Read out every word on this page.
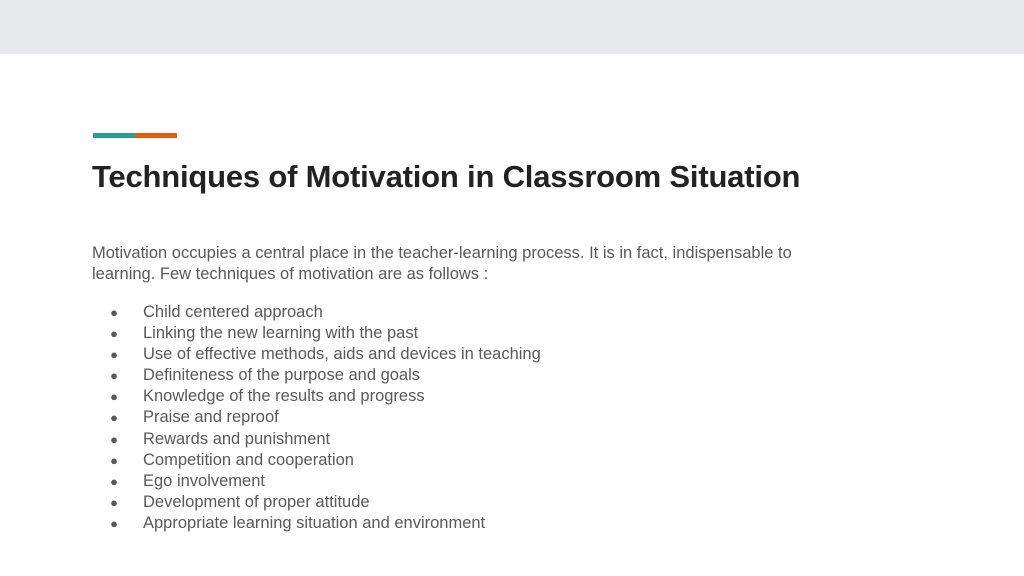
Techniques of Motivation in Classroom Situation

Motivation occupies a central place in the teacher-learning process. It is in fact, indispensable to
learning. Few techniques of motivation are as follows :

● Child centered approach
● Linking the new learning with the past
● Use of effective methods, aids and devices in teaching
● Definiteness of the purpose and goals
● Knowledge of the results and progress
● Praise and reproof
● Rewards and punishment
● Competition and cooperation
● Ego involvement
● Development of proper attitude
● Appropriate learning situation and environment
